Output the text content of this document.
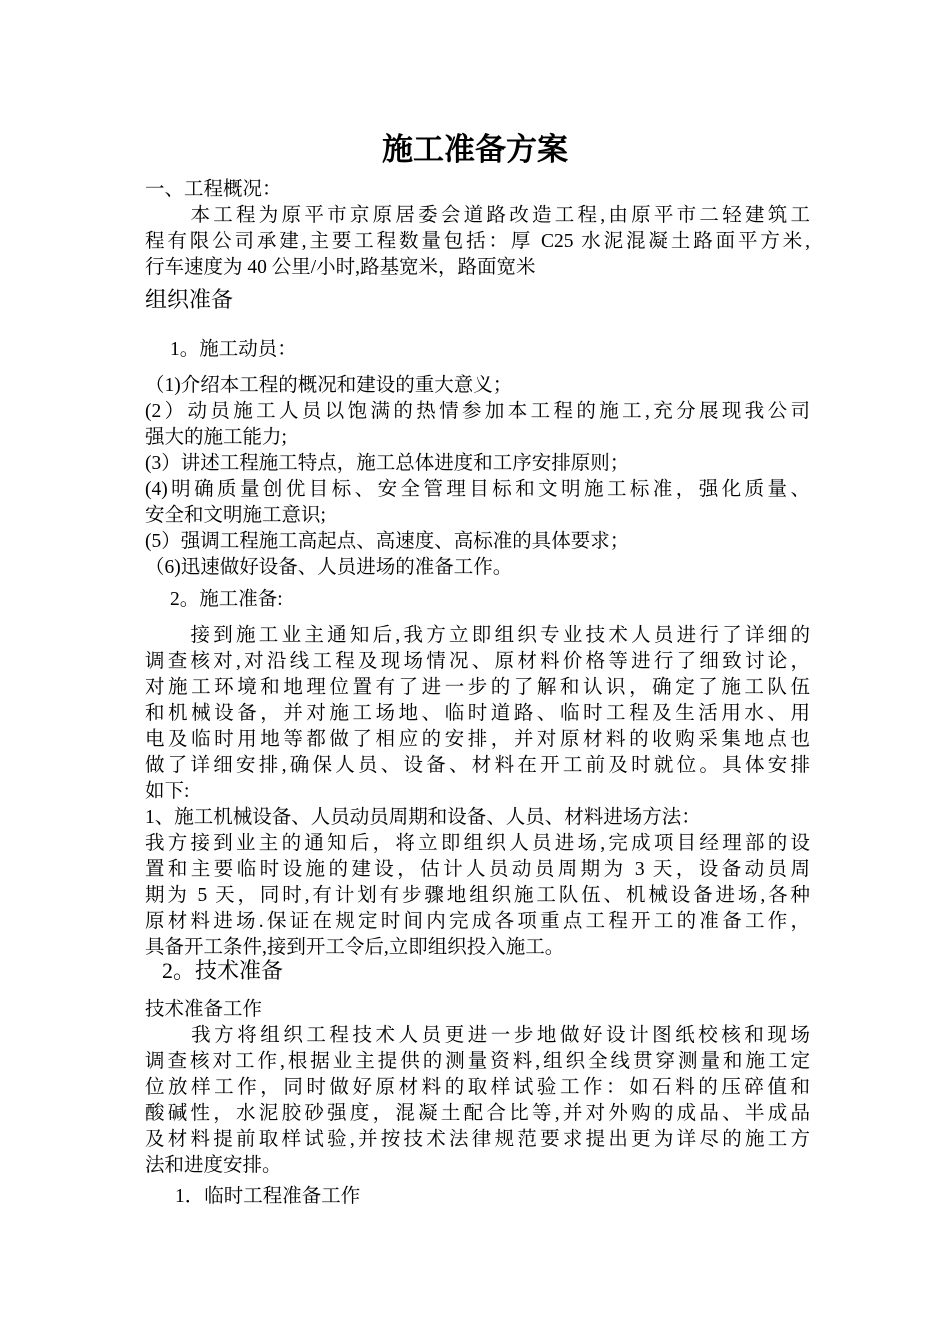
施工准备方案
一、工程概况：
　　本工程为原平市京原居委会道路改造工程,由原平市二轻建筑工
程有限公司承建,主要工程数量包括：厚 C25 水泥混凝土路面平方米,
行车速度为 40 公里/小时,路基宽米，路面宽米
组织准备
1。施工动员：
（1)介绍本工程的概况和建设的重大意义；
(2）动员施工人员以饱满的热情参加本工程的施工,充分展现我公司
强大的施工能力;
(3）讲述工程施工特点，施工总体进度和工序安排原则；
(4)明确质量创优目标、安全管理目标和文明施工标准，强化质量、
安全和文明施工意识;
(5）强调工程施工高起点、高速度、高标准的具体要求；
（6)迅速做好设备、人员进场的准备工作。
2。施工准备:
　　接到施工业主通知后,我方立即组织专业技术人员进行了详细的
调查核对,对沿线工程及现场情况、原材料价格等进行了细致讨论，
对施工环境和地理位置有了进一步的了解和认识，确定了施工队伍
和机械设备，并对施工场地、临时道路、临时工程及生活用水、用
电及临时用地等都做了相应的安排，并对原材料的收购采集地点也
做了详细安排,确保人员、设备、材料在开工前及时就位。具体安排
如下:
1、施工机械设备、人员动员周期和设备、人员、材料进场方法：
我方接到业主的通知后，将立即组织人员进场,完成项目经理部的设
置和主要临时设施的建设，估计人员动员周期为 3 天，设备动员周
期为 5 天，同时,有计划有步骤地组织施工队伍、机械设备进场,各种
原材料进场.保证在规定时间内完成各项重点工程开工的准备工作，
具备开工条件,接到开工令后,立即组织投入施工。
2。技术准备
技术准备工作
　　我方将组织工程技术人员更进一步地做好设计图纸校核和现场
调查核对工作,根据业主提供的测量资料,组织全线贯穿测量和施工定
位放样工作，同时做好原材料的取样试验工作：如石料的压碎值和
酸碱性，水泥胶砂强度，混凝土配合比等,并对外购的成品、半成品
及材料提前取样试验,并按技术法律规范要求提出更为详尽的施工方
法和进度安排。
1．临时工程准备工作
